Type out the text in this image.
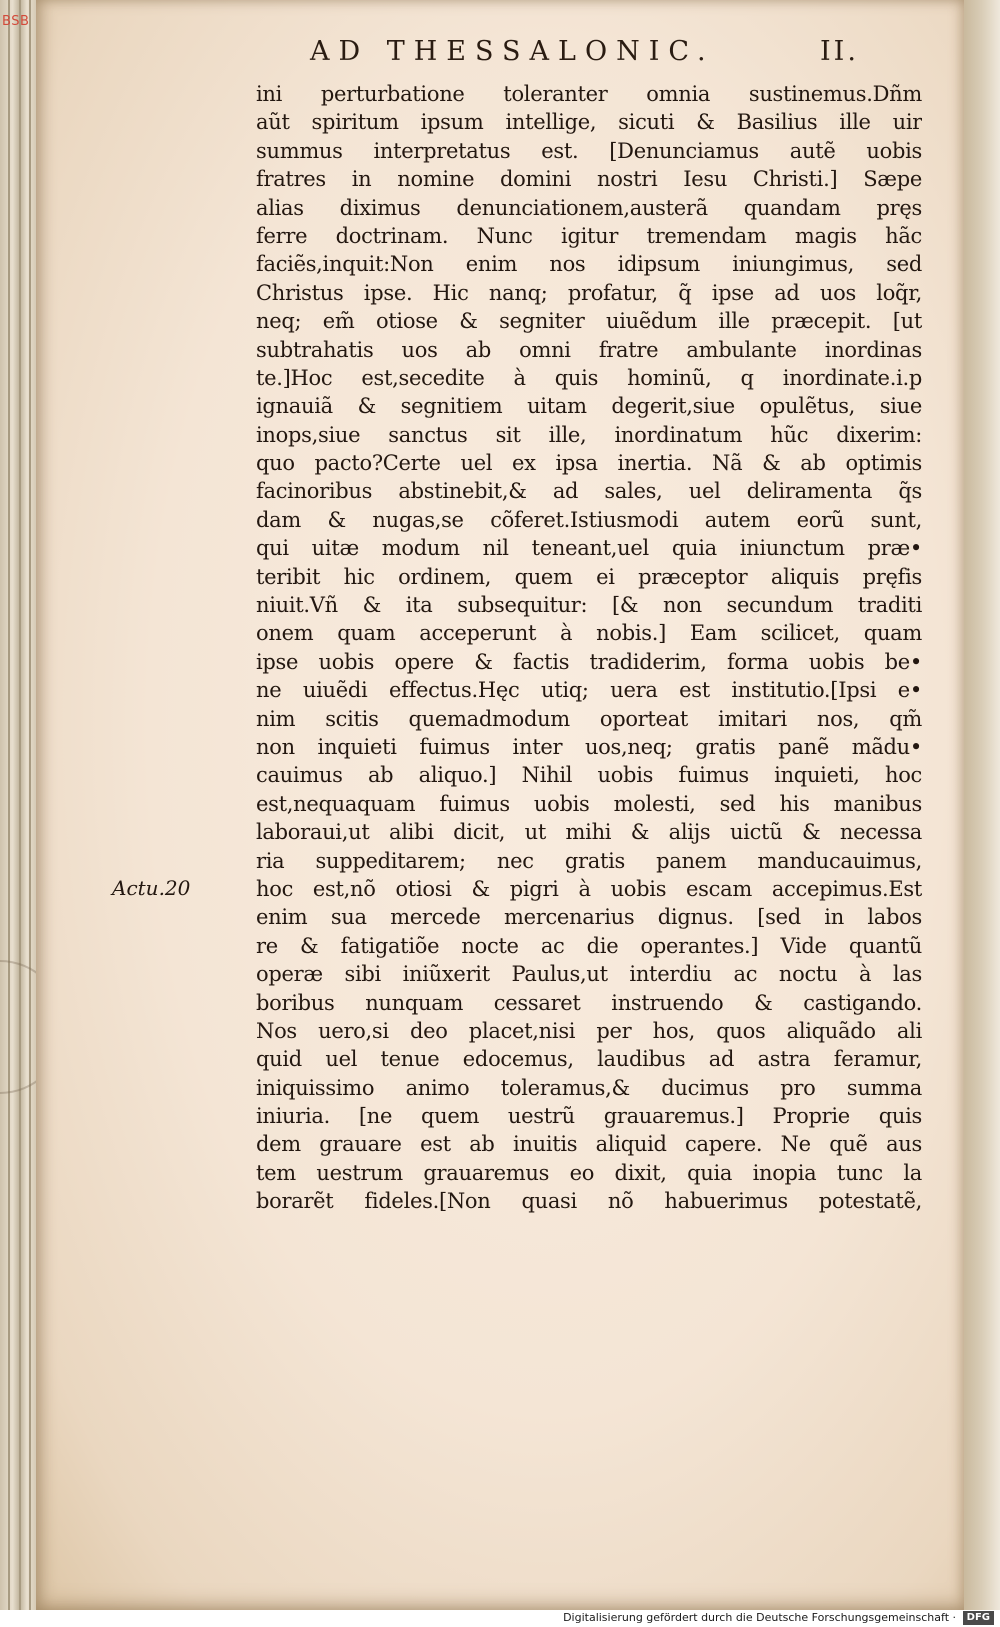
BSB
AD THESSALONIC.	II.
Actu.20
ini perturbatione toleranter omnia sustinemus.Dñm
aũt spiritum ipsum intellige, sicuti & Basilius ille uir
summus interpretatus est. [Denunciamus autẽ uobis
fratres in nomine domini nostri Iesu Christi.] Sæpe
alias diximus denunciationem,austerã quandam pręs
ferre doctrinam. Nunc igitur tremendam magis hãc
faciẽs,inquit:Non enim nos idipsum iniungimus, sed
Christus ipse. Hic nanq; profatur, q̃ ipse ad uos loq̃r,
neq; em̃ otiose & segniter uiuẽdum ille præcepit. [ut
subtrahatis uos ab omni fratre ambulante inordinas
te.]Hoc est,secedite à quis hominũ, q inordinate.i.p
ignauiã & segnitiem uitam degerit,siue opulẽtus, siue
inops,siue sanctus sit ille, inordinatum hũc dixerim:
quo pacto?Certe uel ex ipsa inertia. Nã & ab optimis
facinoribus abstinebit,& ad sales, uel deliramenta q̃s
dam & nugas,se cõferet.Istiusmodi autem eorũ sunt,
qui uitæ modum nil teneant,uel quia iniunctum præ•
teribit hic ordinem, quem ei præceptor aliquis pręfis
niuit.Vñ & ita subsequitur: [& non secundum traditi
onem quam acceperunt à nobis.] Eam scilicet, quam
ipse uobis opere & factis tradiderim, forma uobis be•
ne uiuẽdi effectus.Hęc utiq; uera est institutio.[Ipsi e•
nim scitis quemadmodum oporteat imitari nos, qm̃
non inquieti fuimus inter uos,neq; gratis panẽ mãdu•
cauimus ab aliquo.] Nihil uobis fuimus inquieti, hoc
est,nequaquam fuimus uobis molesti, sed his manibus
laboraui,ut alibi dicit, ut mihi & alijs uictũ & necessa
ria suppeditarem; nec gratis panem manducauimus,
hoc est,nõ otiosi & pigri à uobis escam accepimus.Est
enim sua mercede mercenarius dignus. [sed in labos
re & fatigatiõe nocte ac die operantes.] Vide quantũ
operæ sibi iniũxerit Paulus,ut interdiu ac noctu à las
boribus nunquam cessaret instruendo & castigando.
Nos uero,si deo placet,nisi per hos, quos aliquãdo ali
quid uel tenue edocemus, laudibus ad astra feramur,
iniquissimo animo toleramus,& ducimus pro summa
iniuria. [ne quem uestrũ grauaremus.] Proprie quis
dem grauare est ab inuitis aliquid capere. Ne quẽ aus
tem uestrum grauaremus eo dixit, quia inopia tunc la
borarẽt fideles.[Non quasi nõ habuerimus potestatẽ,
Digitalisierung gefördert durch die Deutsche Forschungsgemeinschaft ·	DFG
